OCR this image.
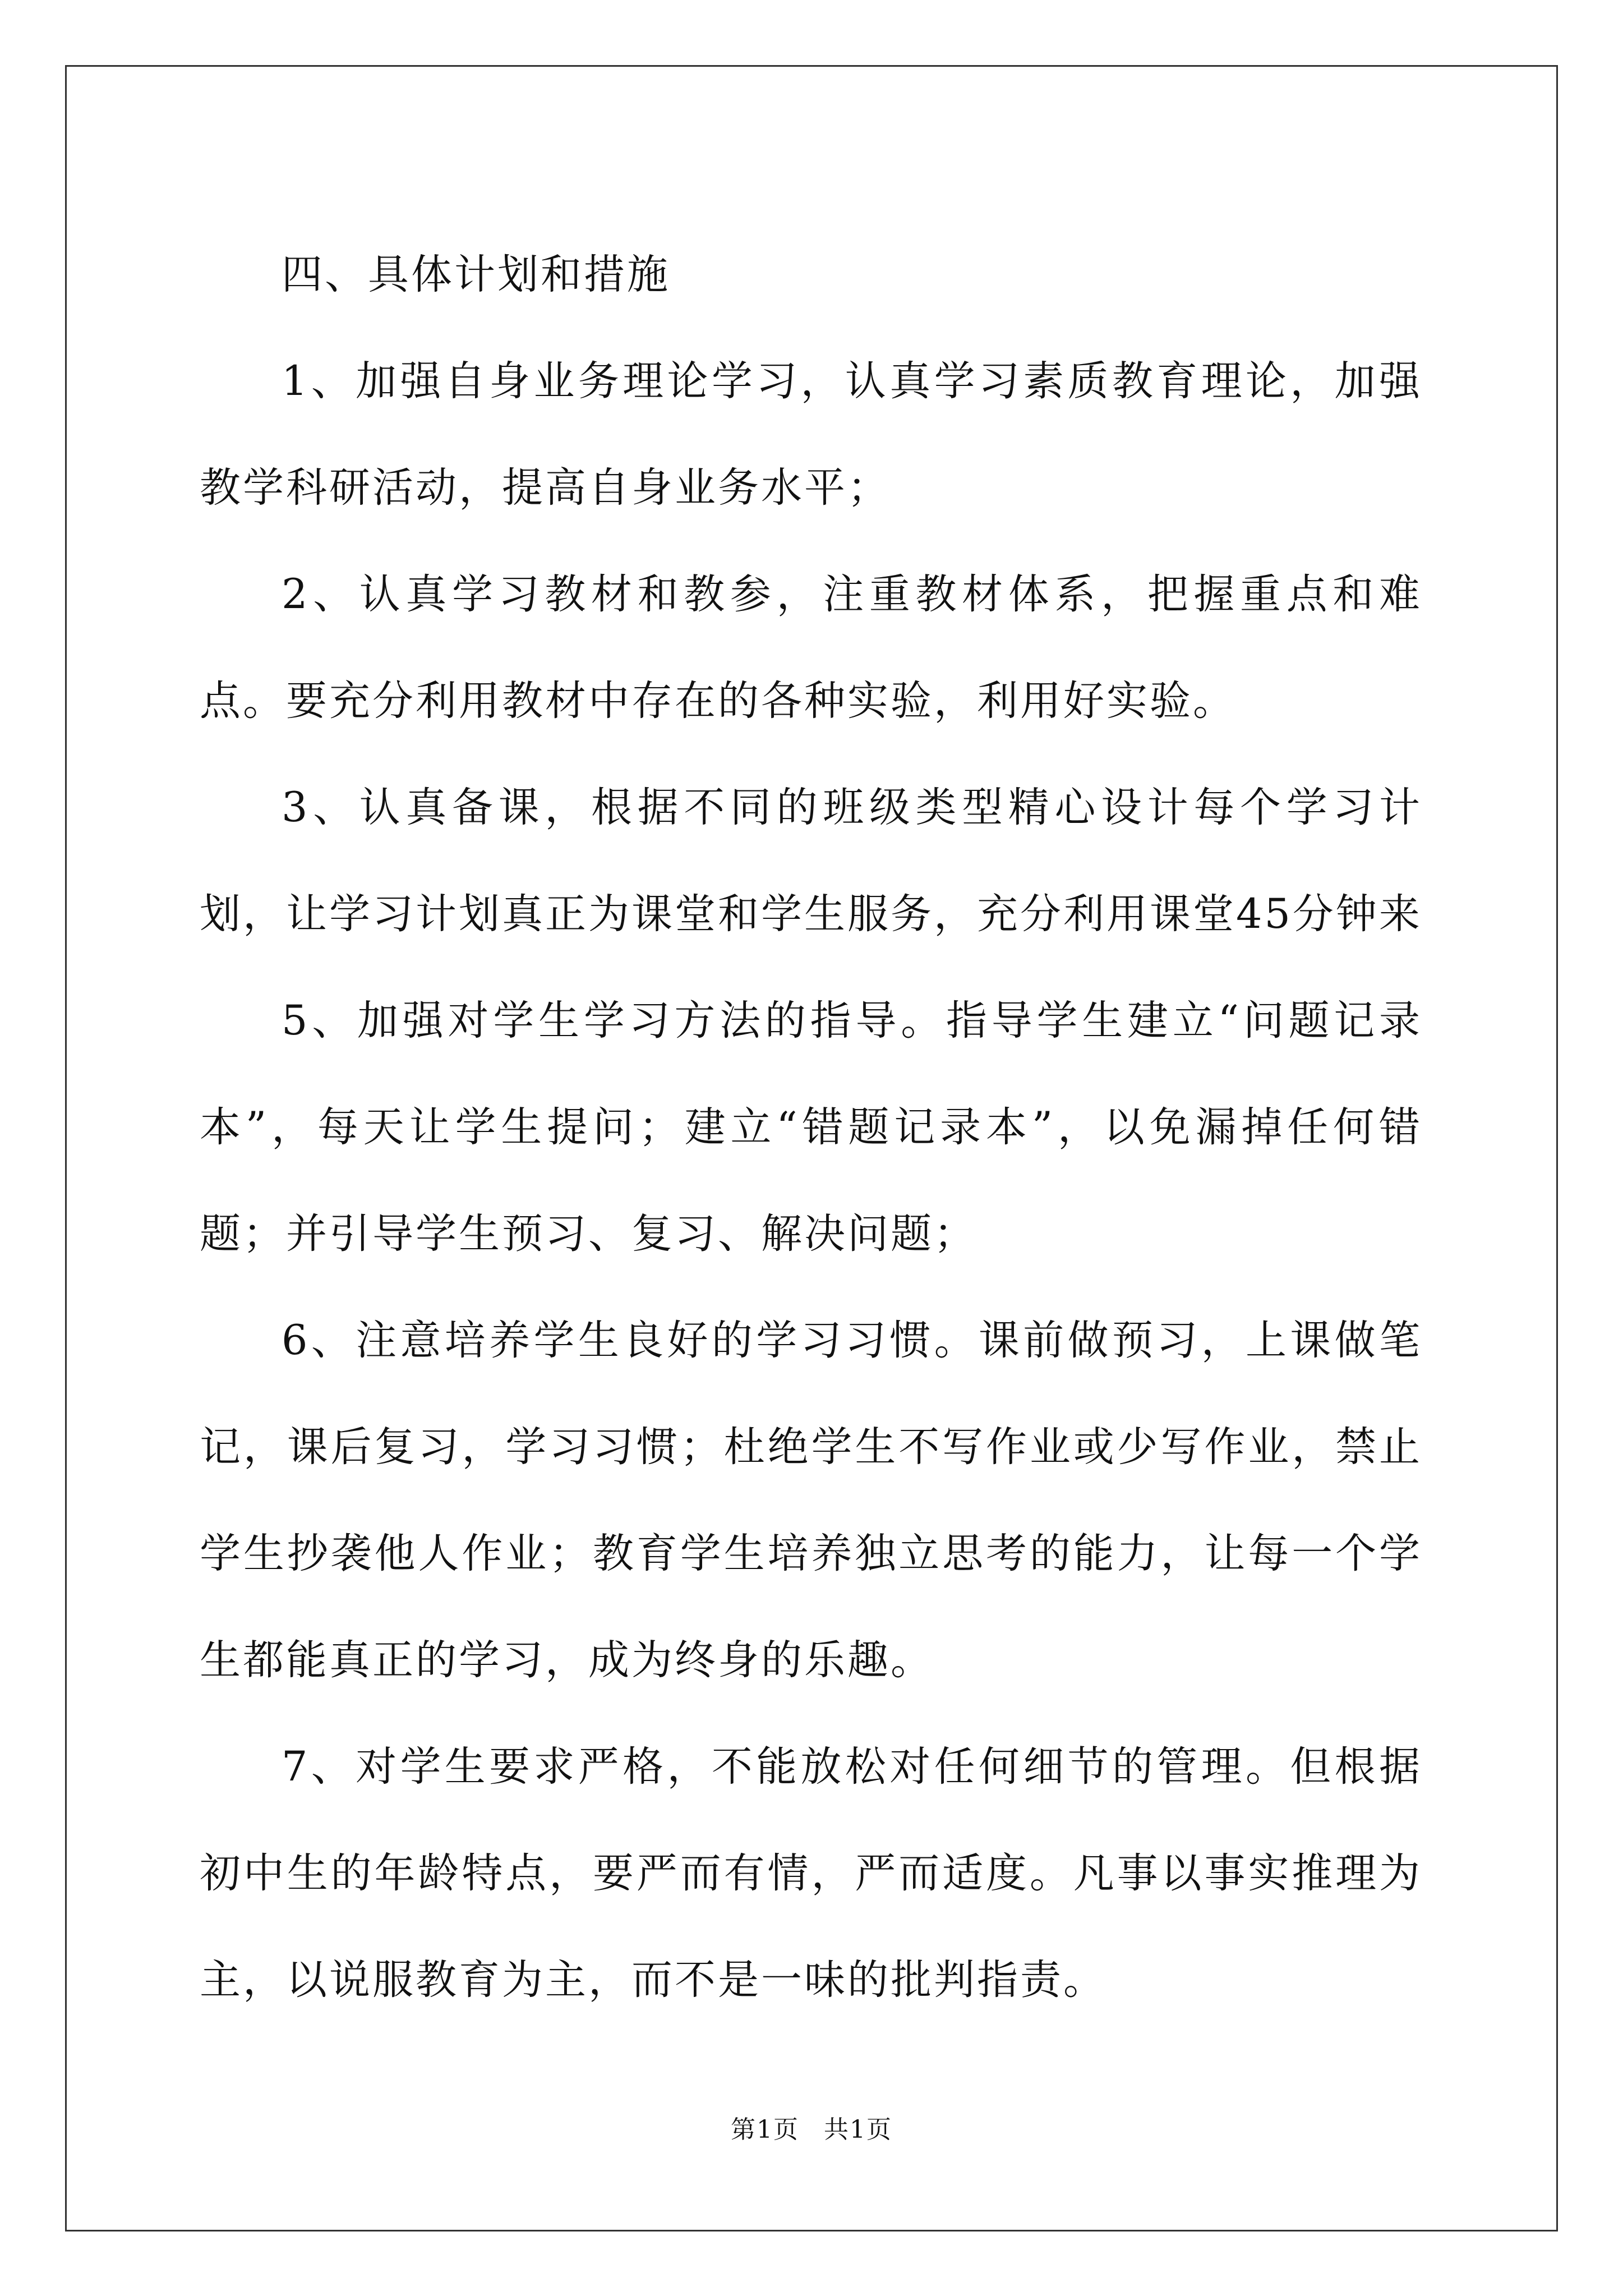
四、具体计划和措施

1、加强自身业务理论学习，认真学习素质教育理论，加强教学科研活动，提高自身业务水平；

2、认真学习教材和教参，注重教材体系，把握重点和难点。要充分利用教材中存在的各种实验，利用好实验。

3、认真备课，根据不同的班级类型精心设计每个学习计划，让学习计划真正为课堂和学生服务，充分利用课堂45分钟来

5、加强对学生学习方法的指导。指导学生建立“问题记录本”，每天让学生提问；建立“错题记录本”，以免漏掉任何错题；并引导学生预习、复习、解决问题；

6、注意培养学生良好的学习习惯。课前做预习，上课做笔记，课后复习，学习习惯；杜绝学生不写作业或少写作业，禁止学生抄袭他人作业；教育学生培养独立思考的能力，让每一个学生都能真正的学习，成为终身的乐趣。

7、对学生要求严格，不能放松对任何细节的管理。但根据初中生的年龄特点，要严而有情，严而适度。凡事以事实推理为主，以说服教育为主，而不是一味的批判指责。

第1页 共1页
